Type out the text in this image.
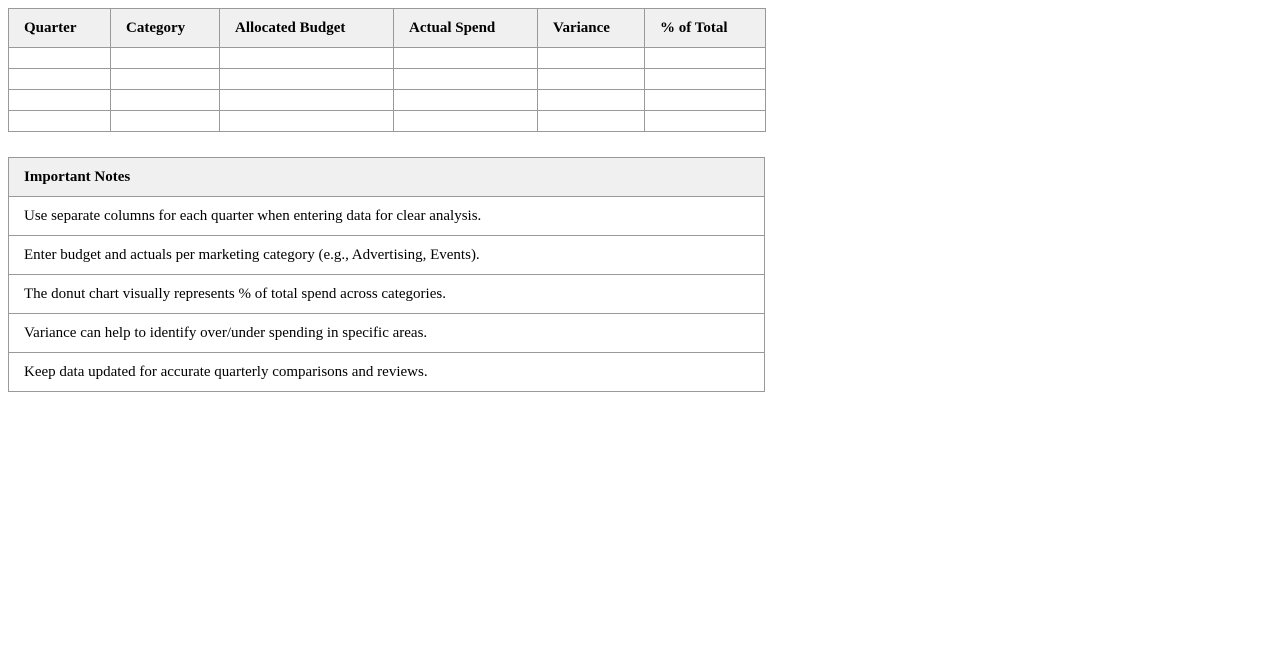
Quarter	Category	Allocated Budget	Actual Spend	Variance	% of Total

Important Notes
Use separate columns for each quarter when entering data for clear analysis.
Enter budget and actuals per marketing category (e.g., Advertising, Events).
The donut chart visually represents % of total spend across categories.
Variance can help to identify over/under spending in specific areas.
Keep data updated for accurate quarterly comparisons and reviews.
